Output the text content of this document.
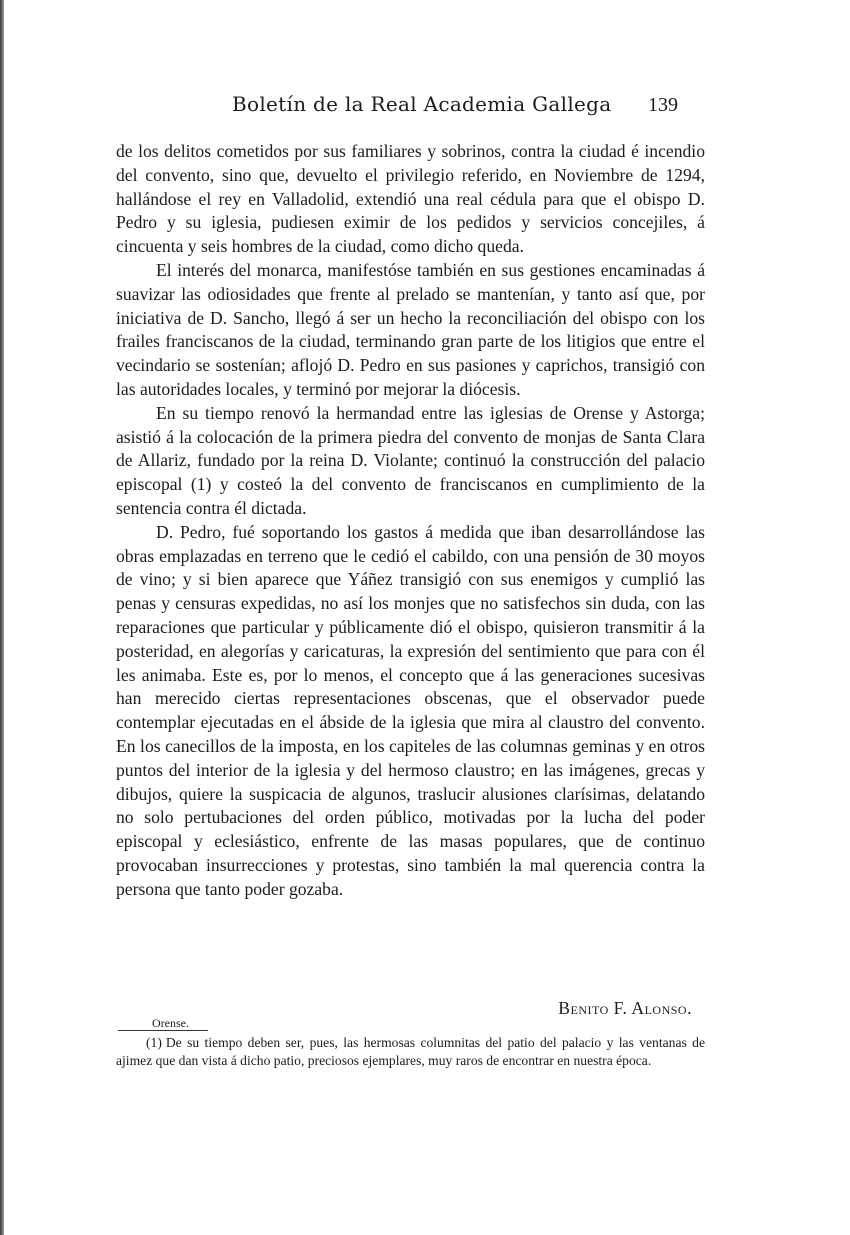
Boletín de la Real Academia Gallega 139

de los delitos cometidos por sus familiares y sobrinos, contra la ciudad é incendio del convento, sino que, devuelto el privilegio referido, en Noviembre de 1294, hallándose el rey en Valladolid, extendió una real cédula para que el obispo D. Pedro y su iglesia, pudiesen eximir de los pedidos y servicios concejiles, á cincuenta y seis hombres de la ciudad, como dicho queda.

El interés del monarca, manifestóse también en sus gestiones encaminadas á suavizar las odiosidades que frente al prelado se mantenían, y tanto así que, por iniciativa de D. Sancho, llegó á ser un hecho la reconciliación del obispo con los frailes franciscanos de la ciudad, terminando gran parte de los litigios que entre el vecindario se sostenían; aflojó D. Pedro en sus pasiones y caprichos, transigió con las autoridades locales, y terminó por mejorar la diócesis.

En su tiempo renovó la hermandad entre las iglesias de Orense y Astorga; asistió á la colocación de la primera piedra del convento de monjas de Santa Clara de Allariz, fundado por la reina D. Violante; continuó la construcción del palacio episcopal (1) y costeó la del convento de franciscanos en cumplimiento de la sentencia contra él dictada.

D. Pedro, fué soportando los gastos á medida que iban desarrollándose las obras emplazadas en terreno que le cedió el cabildo, con una pensión de 30 moyos de vino; y si bien aparece que Yáñez transigió con sus enemigos y cumplió las penas y censuras expedidas, no así los monjes que no satisfechos sin duda, con las reparaciones que particular y públicamente dió el obispo, quisieron transmitir á la posteridad, en alegorías y caricaturas, la expresión del sentimiento que para con él les animaba. Este es, por lo menos, el concepto que á las generaciones sucesivas han merecido ciertas representaciones obscenas, que el observador puede contemplar ejecutadas en el ábside de la iglesia que mira al claustro del convento. En los canecillos de la imposta, en los capiteles de las columnas geminas y en otros puntos del interior de la iglesia y del hermoso claustro; en las imágenes, grecas y dibujos, quiere la suspicacia de algunos, traslucir alusiones clarísimas, delatando no solo pertubaciones del orden público, motivadas por la lucha del poder episcopal y eclesiástico, enfrente de las masas populares, que de continuo provocaban insurrecciones y protestas, sino también la mal querencia contra la persona que tanto poder gozaba.

Benito F. Alonso.
Orense.
(1) De su tiempo deben ser, pues, las hermosas columnitas del patio del palacio y las ventanas de ajimez que dan vista á dicho patio, preciosos ejemplares, muy raros de encontrar en nuestra época.
